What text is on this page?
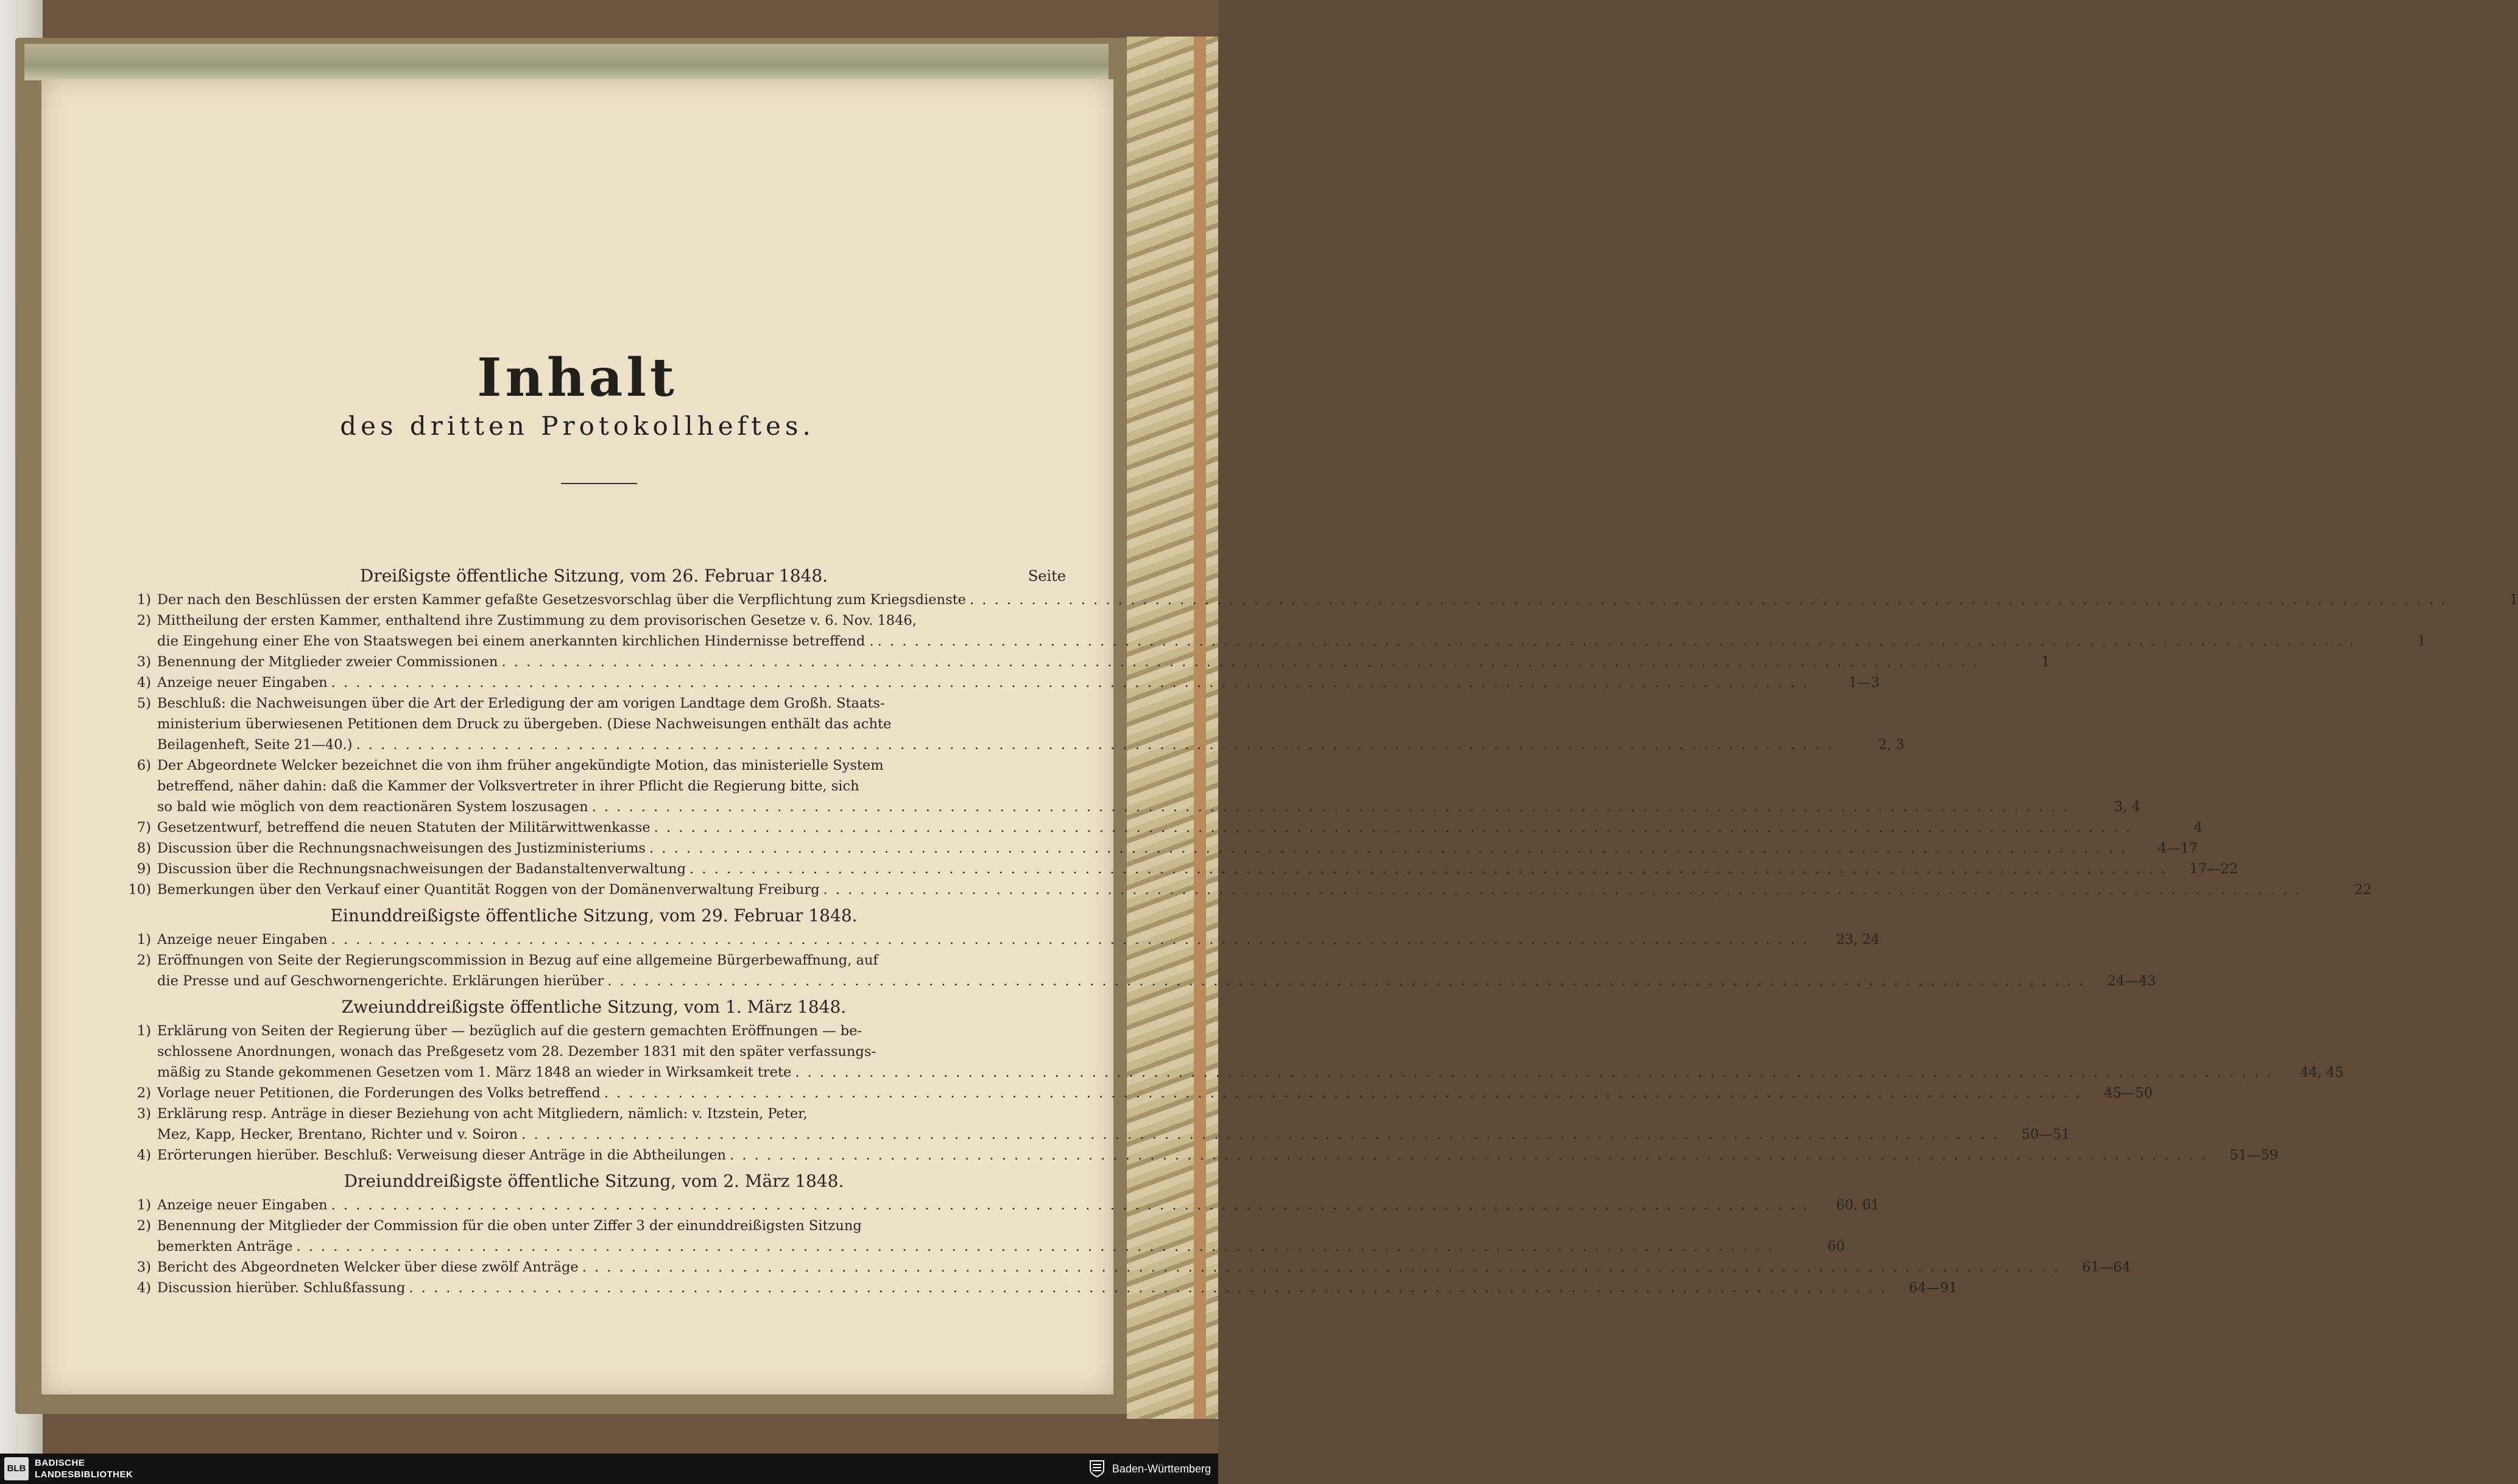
Inhalt
des dritten Protokollheftes.
Dreißigste öffentliche Sitzung, vom 26. Februar 1848.	Seite
1) Der nach den Beschlüssen der ersten Kammer gefaßte Gesetzesvorschlag über die Verpflichtung zum Kriegsdienste . . . . . . . . . . . . . . . . . . . . . . . . . . . . . . . . . . . . . . . . . . . . . . . . . . . . . . . . . . . . . . . . . . . . . . . . . . . . . . . . . . . . . . . . . . . . . . . . . . . . . . . . . . . . . . . . . . . . . . . .	1
2) Mittheilung der ersten Kammer, enthaltend ihre Zustimmung zu dem provisorischen Gesetze v. 6. Nov. 1846,
die Eingehung einer Ehe von Staatswegen bei einem anerkannten kirchlichen Hindernisse betreffend . . . . . . . . . . . . . . . . . . . . . . . . . . . . . . . . . . . . . . . . . . . . . . . . . . . . . . . . . . . . . . . . . . . . . . . . . . . . . . . . . . . . . . . . . . . . . . . . . . . . . . . . . . . . . . . . . . . . . . . . .	1
3) Benennung der Mitglieder zweier Commissionen . . . . . . . . . . . . . . . . . . . . . . . . . . . . . . . . . . . . . . . . . . . . . . . . . . . . . . . . . . . . . . . . . . . . . . . . . . . . . . . . . . . . . . . . . . . . . . . . . . . . . . . . . . . . . . . . . . . . . . . .	1
4) Anzeige neuer Eingaben . . . . . . . . . . . . . . . . . . . . . . . . . . . . . . . . . . . . . . . . . . . . . . . . . . . . . . . . . . . . . . . . . . . . . . . . . . . . . . . . . . . . . . . . . . . . . . . . . . . . . . . . . . . . . . . . . . . . . . . .	1—3
5) Beschluß: die Nachweisungen über die Art der Erledigung der am vorigen Landtage dem Großh. Staats-
ministerium überwiesenen Petitionen dem Druck zu übergeben. (Diese Nachweisungen enthält das achte
Beilagenheft, Seite 21—40.) . . . . . . . . . . . . . . . . . . . . . . . . . . . . . . . . . . . . . . . . . . . . . . . . . . . . . . . . . . . . . . . . . . . . . . . . . . . . . . . . . . . . . . . . . . . . . . . . . . . . . . . . . . . . . . . . . . . . . . . .	2, 3
6) Der Abgeordnete Welcker bezeichnet die von ihm früher angekündigte Motion, das ministerielle System
betreffend, näher dahin: daß die Kammer der Volksvertreter in ihrer Pflicht die Regierung bitte, sich
so bald wie möglich von dem reactionären System loszusagen . . . . . . . . . . . . . . . . . . . . . . . . . . . . . . . . . . . . . . . . . . . . . . . . . . . . . . . . . . . . . . . . . . . . . . . . . . . . . . . . . . . . . . . . . . . . . . . . . . . . . . . . . . . . . . . . . . . . . . . .	3, 4
7) Gesetzentwurf, betreffend die neuen Statuten der Militärwittwenkasse . . . . . . . . . . . . . . . . . . . . . . . . . . . . . . . . . . . . . . . . . . . . . . . . . . . . . . . . . . . . . . . . . . . . . . . . . . . . . . . . . . . . . . . . . . . . . . . . . . . . . . . . . . . . . . . . . . . . . . . .	4
8) Discussion über die Rechnungsnachweisungen des Justizministeriums . . . . . . . . . . . . . . . . . . . . . . . . . . . . . . . . . . . . . . . . . . . . . . . . . . . . . . . . . . . . . . . . . . . . . . . . . . . . . . . . . . . . . . . . . . . . . . . . . . . . . . . . . . . . . . . . . . . . . . . .	4—17
9) Discussion über die Rechnungsnachweisungen der Badanstaltenverwaltung . . . . . . . . . . . . . . . . . . . . . . . . . . . . . . . . . . . . . . . . . . . . . . . . . . . . . . . . . . . . . . . . . . . . . . . . . . . . . . . . . . . . . . . . . . . . . . . . . . . . . . . . . . . . . . . . . . . . . . . .	17—22
10) Bemerkungen über den Verkauf einer Quantität Roggen von der Domänenverwaltung Freiburg . . . . . . . . . . . . . . . . . . . . . . . . . . . . . . . . . . . . . . . . . . . . . . . . . . . . . . . . . . . . . . . . . . . . . . . . . . . . . . . . . . . . . . . . . . . . . . . . . . . . . . . . . . . . . . . . . . . . . . . .	22
Einunddreißigste öffentliche Sitzung, vom 29. Februar 1848.
1) Anzeige neuer Eingaben . . . . . . . . . . . . . . . . . . . . . . . . . . . . . . . . . . . . . . . . . . . . . . . . . . . . . . . . . . . . . . . . . . . . . . . . . . . . . . . . . . . . . . . . . . . . . . . . . . . . . . . . . . . . . . . . . . . . . . . .	23, 24
2) Eröffnungen von Seite der Regierungscommission in Bezug auf eine allgemeine Bürgerbewaffnung, auf
die Presse und auf Geschwornengerichte. Erklärungen hierüber . . . . . . . . . . . . . . . . . . . . . . . . . . . . . . . . . . . . . . . . . . . . . . . . . . . . . . . . . . . . . . . . . . . . . . . . . . . . . . . . . . . . . . . . . . . . . . . . . . . . . . . . . . . . . . . . . . . . . . . .	24—43
Zweiunddreißigste öffentliche Sitzung, vom 1. März 1848.
1) Erklärung von Seiten der Regierung über — bezüglich auf die gestern gemachten Eröffnungen — be-
schlossene Anordnungen, wonach das Preßgesetz vom 28. Dezember 1831 mit den später verfassungs-
mäßig zu Stande gekommenen Gesetzen vom 1. März 1848 an wieder in Wirksamkeit trete . . . . . . . . . . . . . . . . . . . . . . . . . . . . . . . . . . . . . . . . . . . . . . . . . . . . . . . . . . . . . . . . . . . . . . . . . . . . . . . . . . . . . . . . . . . . . . . . . . . . . . . . . . . . . . . . . . . . . . . .	44, 45
2) Vorlage neuer Petitionen, die Forderungen des Volks betreffend . . . . . . . . . . . . . . . . . . . . . . . . . . . . . . . . . . . . . . . . . . . . . . . . . . . . . . . . . . . . . . . . . . . . . . . . . . . . . . . . . . . . . . . . . . . . . . . . . . . . . . . . . . . . . . . . . . . . . . . .	45—50
3) Erklärung resp. Anträge in dieser Beziehung von acht Mitgliedern, nämlich: v. Itzstein, Peter,
Mez, Kapp, Hecker, Brentano, Richter und v. Soiron . . . . . . . . . . . . . . . . . . . . . . . . . . . . . . . . . . . . . . . . . . . . . . . . . . . . . . . . . . . . . . . . . . . . . . . . . . . . . . . . . . . . . . . . . . . . . . . . . . . . . . . . . . . . . . . . . . . . . . . .	50—51
4) Erörterungen hierüber. Beschluß: Verweisung dieser Anträge in die Abtheilungen . . . . . . . . . . . . . . . . . . . . . . . . . . . . . . . . . . . . . . . . . . . . . . . . . . . . . . . . . . . . . . . . . . . . . . . . . . . . . . . . . . . . . . . . . . . . . . . . . . . . . . . . . . . . . . . . . . . . . . . .	51—59
Dreiunddreißigste öffentliche Sitzung, vom 2. März 1848.
1) Anzeige neuer Eingaben . . . . . . . . . . . . . . . . . . . . . . . . . . . . . . . . . . . . . . . . . . . . . . . . . . . . . . . . . . . . . . . . . . . . . . . . . . . . . . . . . . . . . . . . . . . . . . . . . . . . . . . . . . . . . . . . . . . . . . . .	60. 61
2) Benennung der Mitglieder der Commission für die oben unter Ziffer 3 der einunddreißigsten Sitzung
bemerkten Anträge . . . . . . . . . . . . . . . . . . . . . . . . . . . . . . . . . . . . . . . . . . . . . . . . . . . . . . . . . . . . . . . . . . . . . . . . . . . . . . . . . . . . . . . . . . . . . . . . . . . . . . . . . . . . . . . . . . . . . . . .	60
3) Bericht des Abgeordneten Welcker über diese zwölf Anträge . . . . . . . . . . . . . . . . . . . . . . . . . . . . . . . . . . . . . . . . . . . . . . . . . . . . . . . . . . . . . . . . . . . . . . . . . . . . . . . . . . . . . . . . . . . . . . . . . . . . . . . . . . . . . . . . . . . . . . . .	61—64
4) Discussion hierüber. Schlußfassung . . . . . . . . . . . . . . . . . . . . . . . . . . . . . . . . . . . . . . . . . . . . . . . . . . . . . . . . . . . . . . . . . . . . . . . . . . . . . . . . . . . . . . . . . . . . . . . . . . . . . . . . . . . . . . . . . . . . . . . .	64—91
BLB
BADISCHE
LANDESBIBLIOTHEK	Baden-Württemberg
